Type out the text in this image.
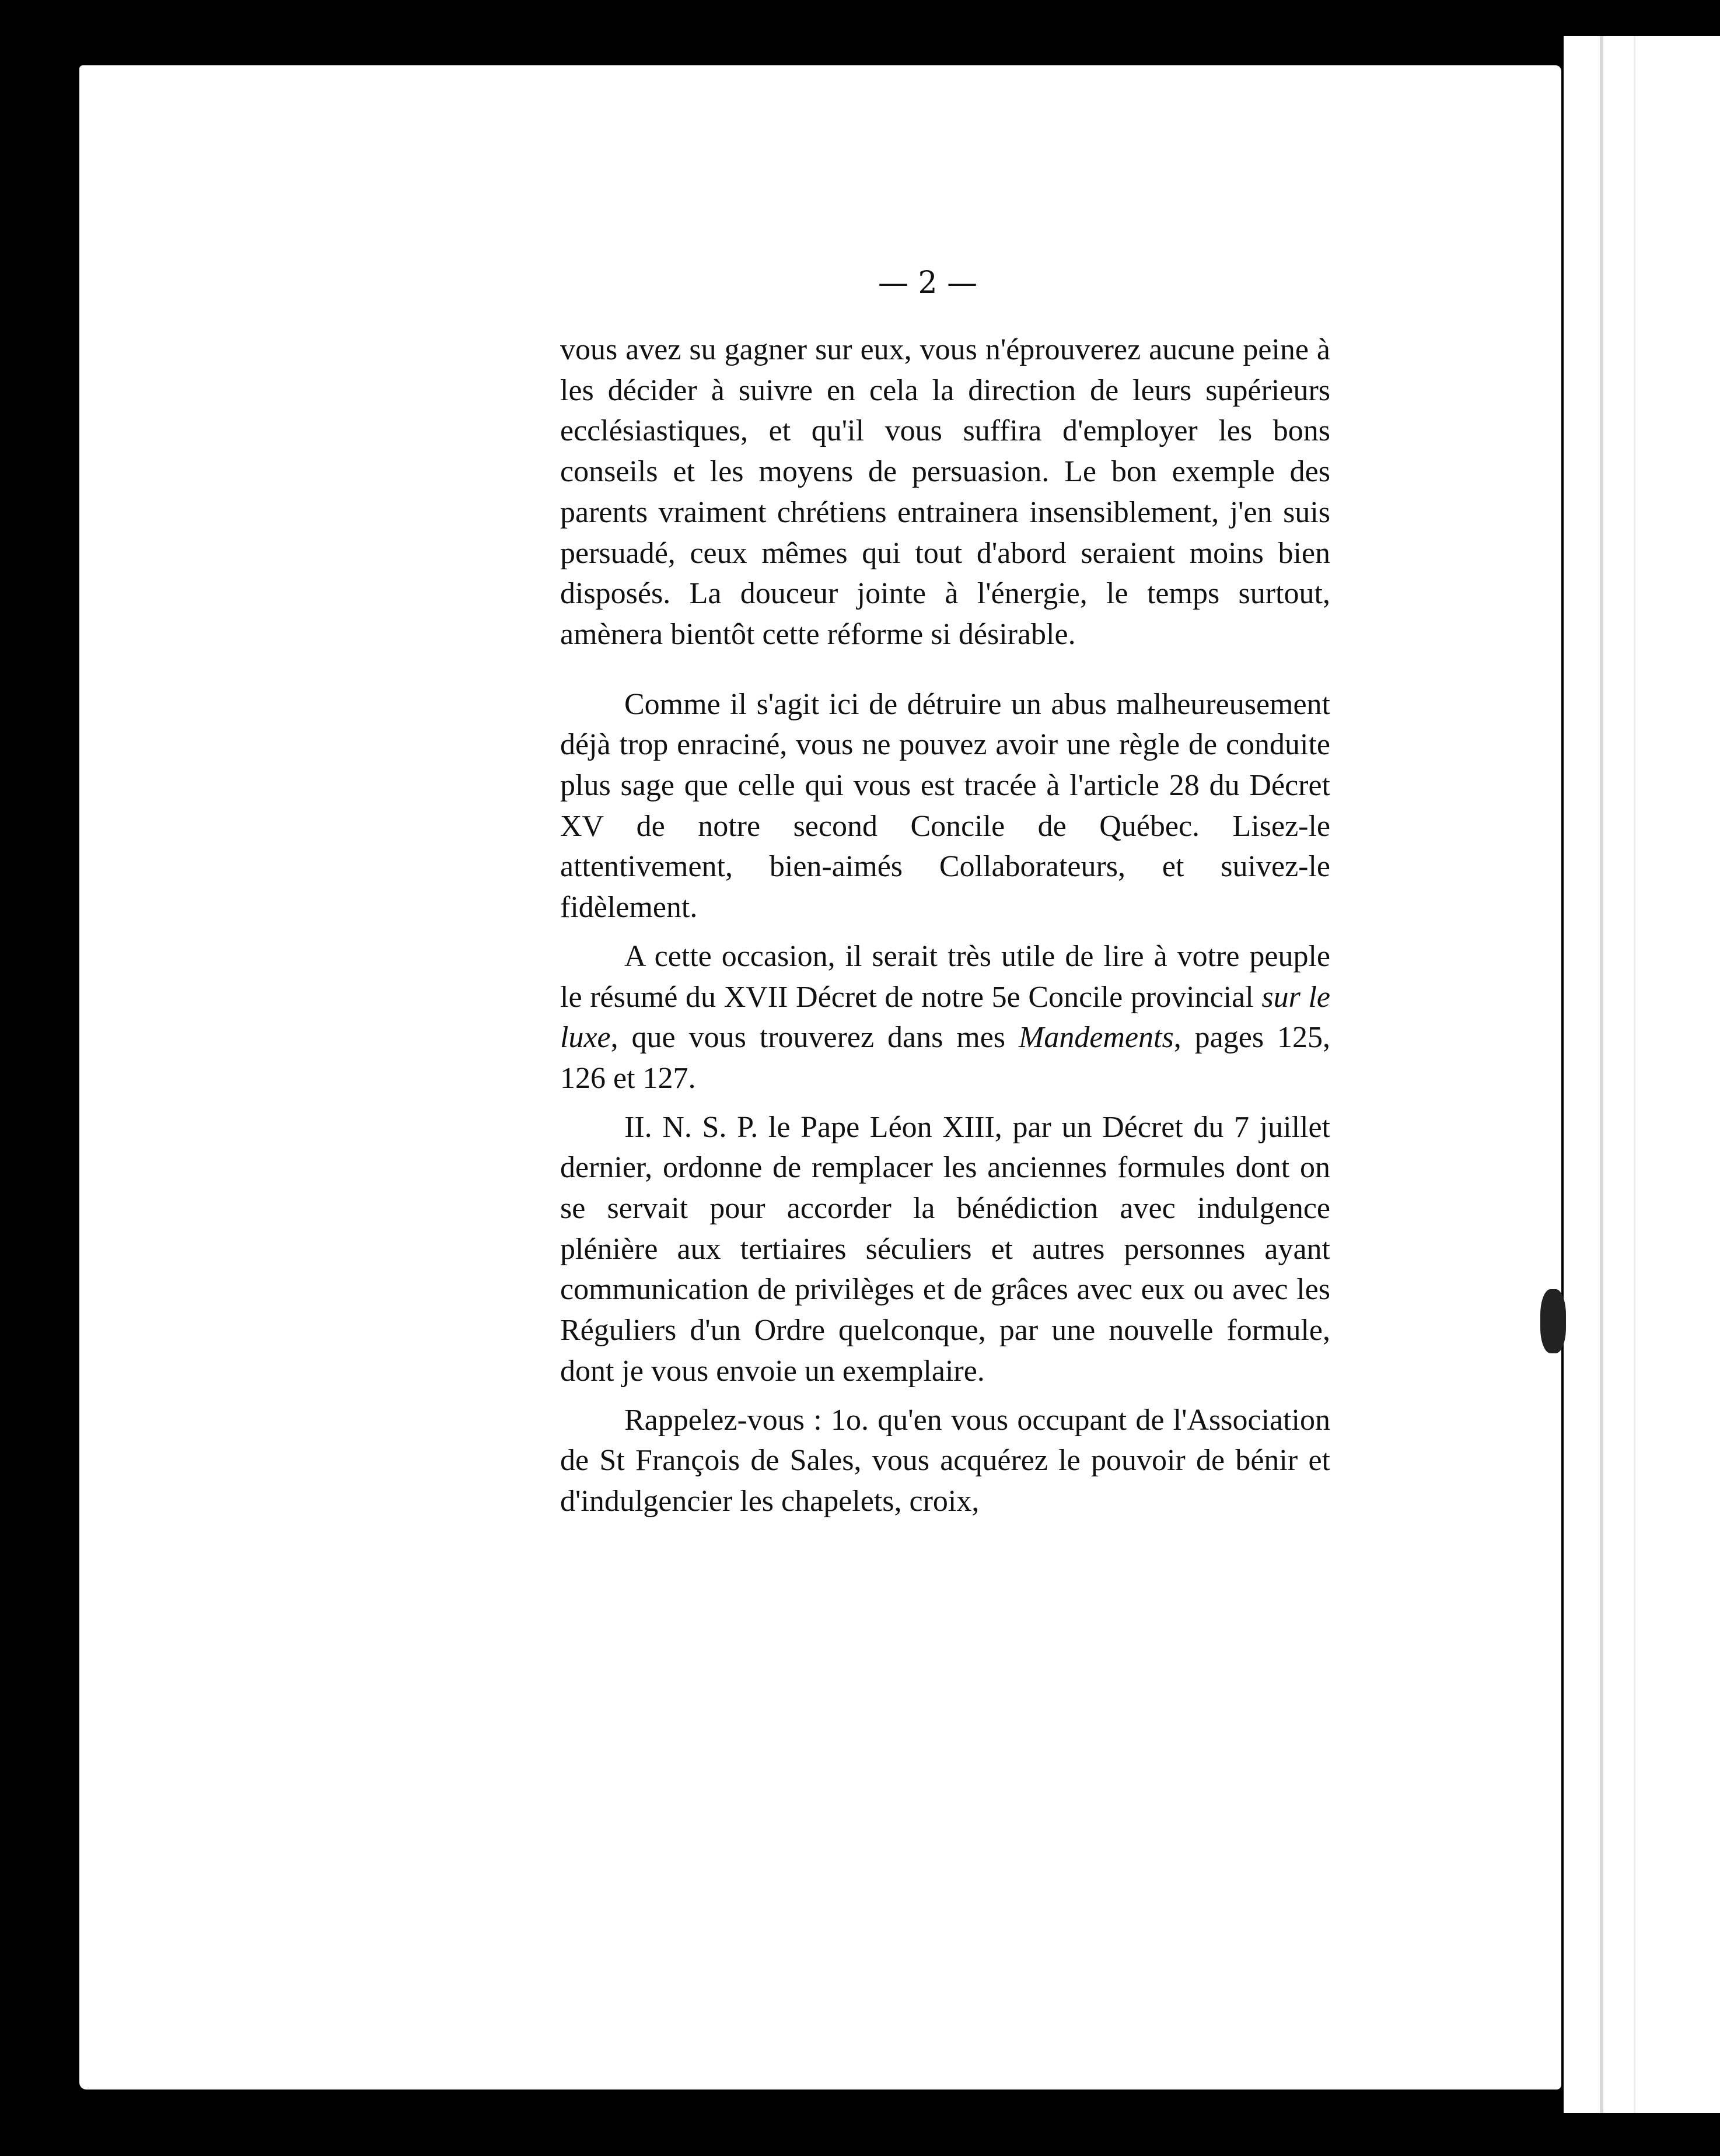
— 2 —

vous avez su gagner sur eux, vous n'éprouverez aucune peine à les décider à suivre en cela la direction de leurs supérieurs ecclésiastiques, et qu'il vous suffira d'employer les bons conseils et les moyens de persuasion. Le bon exemple des parents vraiment chrétiens entrainera insensiblement, j'en suis persuadé, ceux mêmes qui tout d'abord seraient moins bien disposés. La douceur jointe à l'énergie, le temps surtout, amènera bientôt cette réforme si désirable.

Comme il s'agit ici de détruire un abus malheureusement déjà trop enraciné, vous ne pouvez avoir une règle de conduite plus sage que celle qui vous est tracée à l'article 28 du Décret XV de notre second Concile de Québec. Lisez-le attentivement, bien-aimés Collaborateurs, et suivez-le fidèlement.

A cette occasion, il serait très utile de lire à votre peuple le résumé du XVII Décret de notre 5e Concile provincial sur le luxe, que vous trouverez dans mes Mandements, pages 125, 126 et 127.

II. N. S. P. le Pape Léon XIII, par un Décret du 7 juillet dernier, ordonne de remplacer les anciennes formules dont on se servait pour accorder la bénédiction avec indulgence plénière aux tertiaires séculiers et autres personnes ayant communication de privilèges et de grâces avec eux ou avec les Réguliers d'un Ordre quelconque, par une nouvelle formule, dont je vous envoie un exemplaire.

Rappelez-vous : 1o. qu'en vous occupant de l'Association de St François de Sales, vous acquérez le pouvoir de bénir et d'indulgencier les chapelets, croix,
